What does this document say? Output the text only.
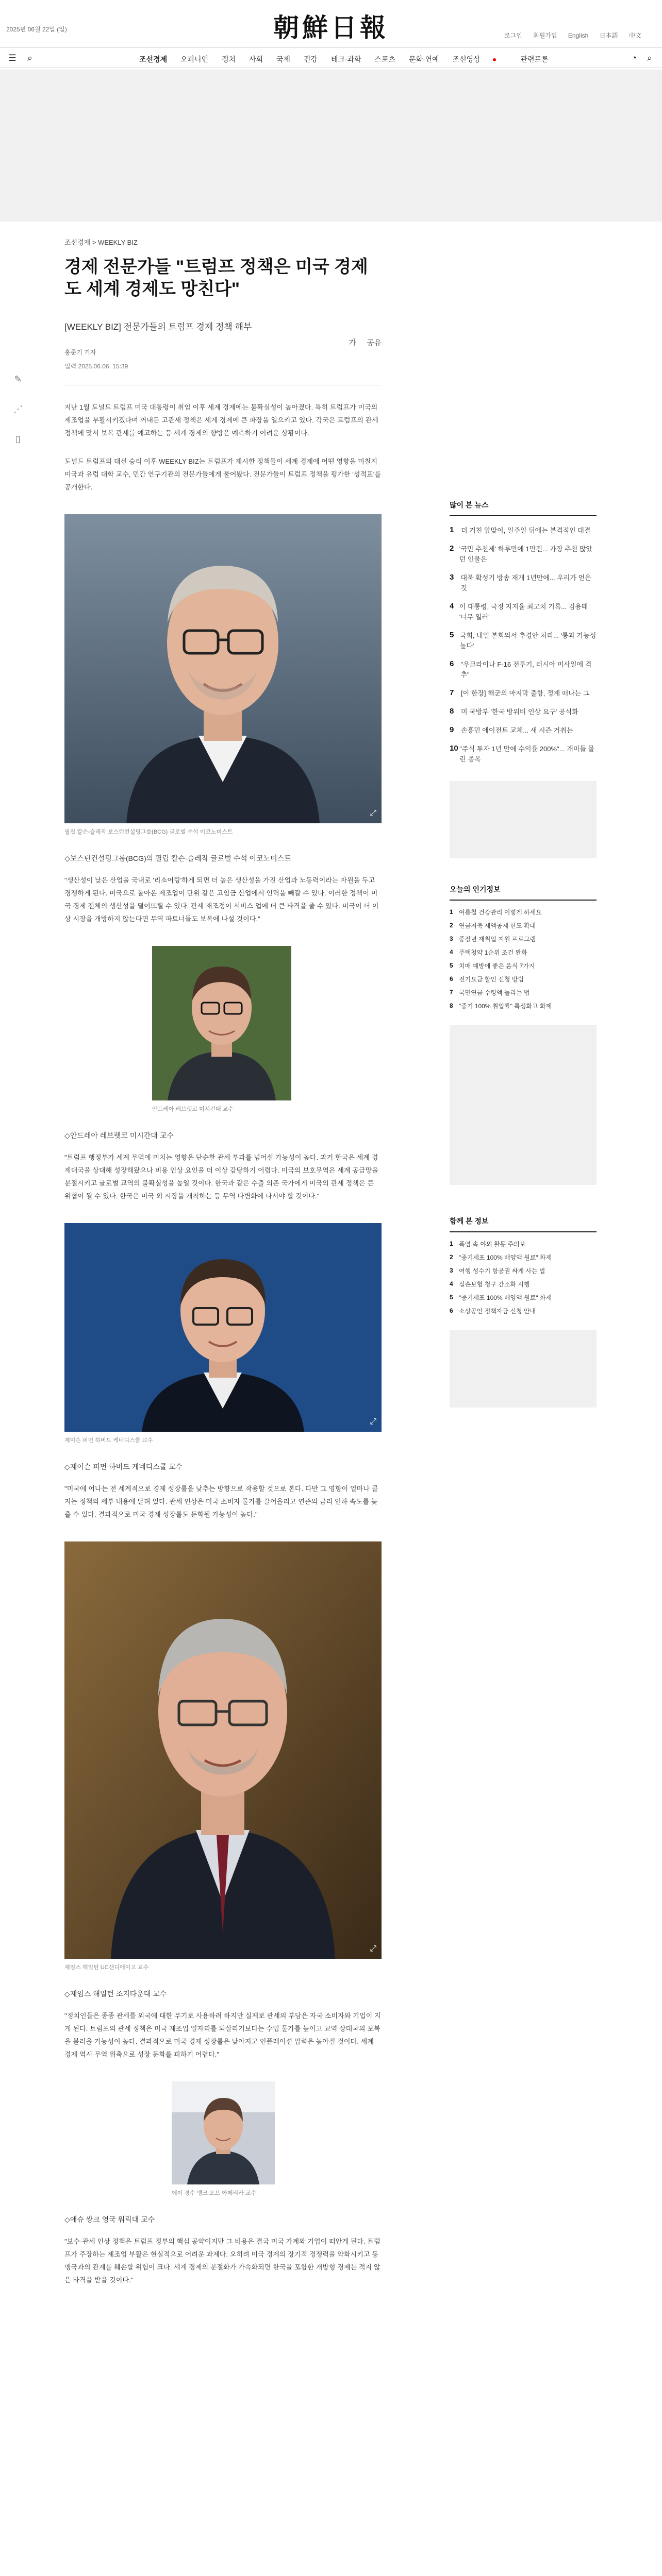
2025년 06월 22일 (일)	朝鮮日報	로그인 회원가입 English 日本語 中文
☰	⌕	조선경제 오피니언 정치 사회 국제 건강 테크·과학 스포츠 문화·연예 조선영상	관련프론	◔	⌕
✎
⋰
▯
조선경제 > WEEKLY BIZ
경제 전문가들 "트럼프 정책은 미국 경제도 세계 경제도 망친다"
[WEEKLY BIZ] 전문가들의 트럼프 경제 정책 해부
홍준기 기자
입력 2025.06.06. 15:39
가 공유

지난 1월 도널드 트럼프 미국 대통령이 취임 이후 세계 경제에는 불확실성이 높아졌다. 특히 트럼프가 미국의 제조업을 부활시키겠다며 꺼내든 고관세 정책은 세계 경제에 큰 파장을 일으키고 있다. 각국은 트럼프의 관세 정책에 맞서 보복 관세를 예고하는 등 세계 경제의 향방은 예측하기 어려운 상황이다.

도널드 트럼프의 대선 승리 이후 WEEKLY BIZ는 트럼프가 제시한 정책들이 세계 경제에 어떤 영향을 미칠지 미국과 유럽 대학 교수, 민간 연구기관의 전문가들에게 물어봤다. 전문가들이 트럼프 정책을 평가한 '성적표'를 공개한다.

⤢
필립 칼슨-슬레작 보스턴컨설팅그룹(BCG) 글로벌 수석 이코노미스트
◇보스턴컨설팅그룹(BCG)의 필립 칼슨-슬레작 글로벌 수석 이코노미스트

"생산성이 낮은 산업을 국내로 '리쇼어링'하게 되면 더 높은 생산성을 가진 산업과 노동력이라는 자원을 두고 경쟁하게 된다. 미국으로 돌아온 제조업이 단위 같은 고임금 산업에서 인력을 빼갈 수 있다. 이러한 정책이 미국 경제 전체의 생산성을 떨어뜨릴 수 있다. 관세 재조정이 서비스 업에 더 큰 타격을 줄 수 있다. 미국이 더 이상 시장을 개방하지 않는다면 무역 파트너들도 보복에 나설 것이다."

안드레아 레브렛코 미시건대 교수
◇안드레아 레브렛코 미시간대 교수

"트럼프 행정부가 세계 무역에 미치는 영향은 단순한 관세 부과를 넘어설 가능성이 높다. 과거 한국은 세계 경제대국을 상대해 성장해왔으나 비용 인상 요인을 더 이상 감당하기 어렵다. 미국의 보호무역은 세계 공급망을 분절시키고 글로벌 교역의 불확실성을 높일 것이다. 한국과 같은 수출 의존 국가에게 미국의 관세 정책은 큰 위협이 될 수 있다. 한국은 미국 외 시장을 개척하는 등 무역 다변화에 나서야 할 것이다."

⤢
제이슨 퍼먼 하버드 케네디스쿨 교수
◇제이슨 퍼먼 하버드 케네디스쿨 교수

"미국에 어나는 전 세계적으로 경제 성장률을 낮추는 방향으로 작용할 것으로 본다. 다만 그 영향이 얼마나 클지는 정책의 세부 내용에 달려 있다. 관세 인상은 미국 소비자 물가를 끌어올리고 연준의 금리 인하 속도를 늦출 수 있다. 결과적으로 미국 경제 성장률도 둔화될 가능성이 높다."

⤢
제임스 해밀턴 UC샌디에이고 교수
◇제임스 해밀턴 조지타운대 교수

"정치인들은 종종 관세를 외국에 대한 무기로 사용하려 하지만 실제로 관세의 부담은 자국 소비자와 기업이 지게 된다. 트럼프의 관세 정책은 미국 제조업 일자리를 되살리기보다는 수입 물가를 높이고 교역 상대국의 보복을 불러올 가능성이 높다. 결과적으로 미국 경제 성장률은 낮아지고 인플레이션 압력은 높아질 것이다. 세계 경제 역시 무역 위축으로 성장 둔화를 피하기 어렵다."

에이 경수 뱅크 오브 아메리카 교수
◇애슈 쌍크 영국 워릭대 교수

"보수·관세 인상 정책은 트럼프 정부의 핵심 공약이지만 그 비용은 결국 미국 가계와 기업이 떠안게 된다. 트럼프가 주장하는 제조업 부활은 현실적으로 어려운 과제다. 오히려 미국 경제의 장기적 경쟁력을 약화시키고 동맹국과의 관계를 훼손할 위험이 크다. 세계 경제의 분절화가 가속화되면 한국을 포함한 개방형 경제는 적지 않은 타격을 받을 것이다."

많이 본 뉴스
1	더 거친 앞맞이, 일주일 뒤에는 본격적인 대결
2 '국민 추천제' 하루만에 1만건... 가장 추천 많았던 인물은
3	대북 확성기 방송 재개 1년만에... 우리가 얻은 것
4 이 대통령, 국정 지지율 최고치 기록... 김용태 '너무 일러'
5 국회, 내일 본회의서 추경안 처리... '통과 가능성 높다'
6	"우크라이나 F-16 전투기, 러시아 미사일에 격추"
7	[이 한장] 해군의 마지막 출항, 정계 떠나는 그
8	미 국방부 '한국 방위비 인상 요구' 공식화
9	손흥민 에이전트 교체... 새 시즌 거취는
10 "주식 투자 1년 만에 수익률 200%"... 개미들 몰린 종목
오늘의 인기정보
1 여름철 건강관리 이렇게 하세요
2 연금저축 세액공제 한도 확대
3 중장년 재취업 지원 프로그램
4 주택청약 1순위 조건 완화
5 치매 예방에 좋은 음식 7가지
6 전기요금 할인 신청 방법
7 국민연금 수령액 늘리는 법
8 "중기 100% 취업률" 특성화고 화제
함께 본 정보
1 폭염 속 야외 활동 주의보
2 "중기세포 100% 배양액 원료" 화제
3 여행 성수기 항공권 싸게 사는 법
4 실손보험 청구 간소화 시행
5 "중기세포 100% 배양액 원료" 화제
6 소상공인 정책자금 신청 안내
